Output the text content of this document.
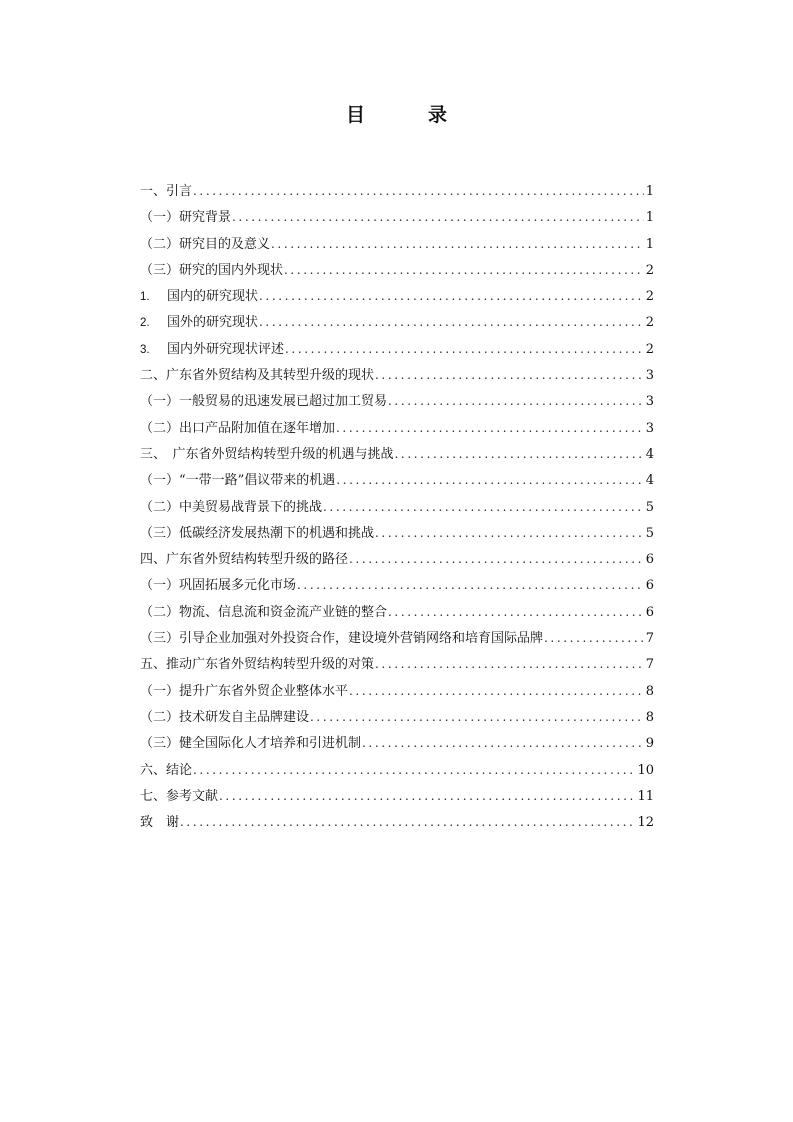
目　录
一、引言 .....	1
（一）研究背景 .....	1
（二）研究目的及意义 .....	1
（三）研究的国内外现状 .....	2
1.	国内的研究现状 .....	2
2.	国外的研究现状 .....	2
3.	国内外研究现状评述 .....	2
二、广东省外贸结构及其转型升级的现状 .....	3
（一）一般贸易的迅速发展已超过加工贸易 .....	3
（二）出口产品附加值在逐年增加 .....	3
三、　广东省外贸结构转型升级的机遇与挑战 .....	4
（一）“一带一路”倡议带来的机遇 .....	4
（二）中美贸易战背景下的挑战 .....	5
（三）低碳经济发展热潮下的机遇和挑战 .....	5
四、广东省外贸结构转型升级的路径 .....	6
（一）巩固拓展多元化市场 .....	6
（二）物流、信息流和资金流产业链的整合 .....	6
（三）引导企业加强对外投资合作，建设境外营销网络和培育国际品牌 .....	7
五、推动广东省外贸结构转型升级的对策 .....	7
（一）提升广东省外贸企业整体水平 .....	8
（二）技术研发自主品牌建设 .....	8
（三）健全国际化人才培养和引进机制 .....	9
六、结论 .....	10
七、参考文献 .....	11
致　谢 .....	12
